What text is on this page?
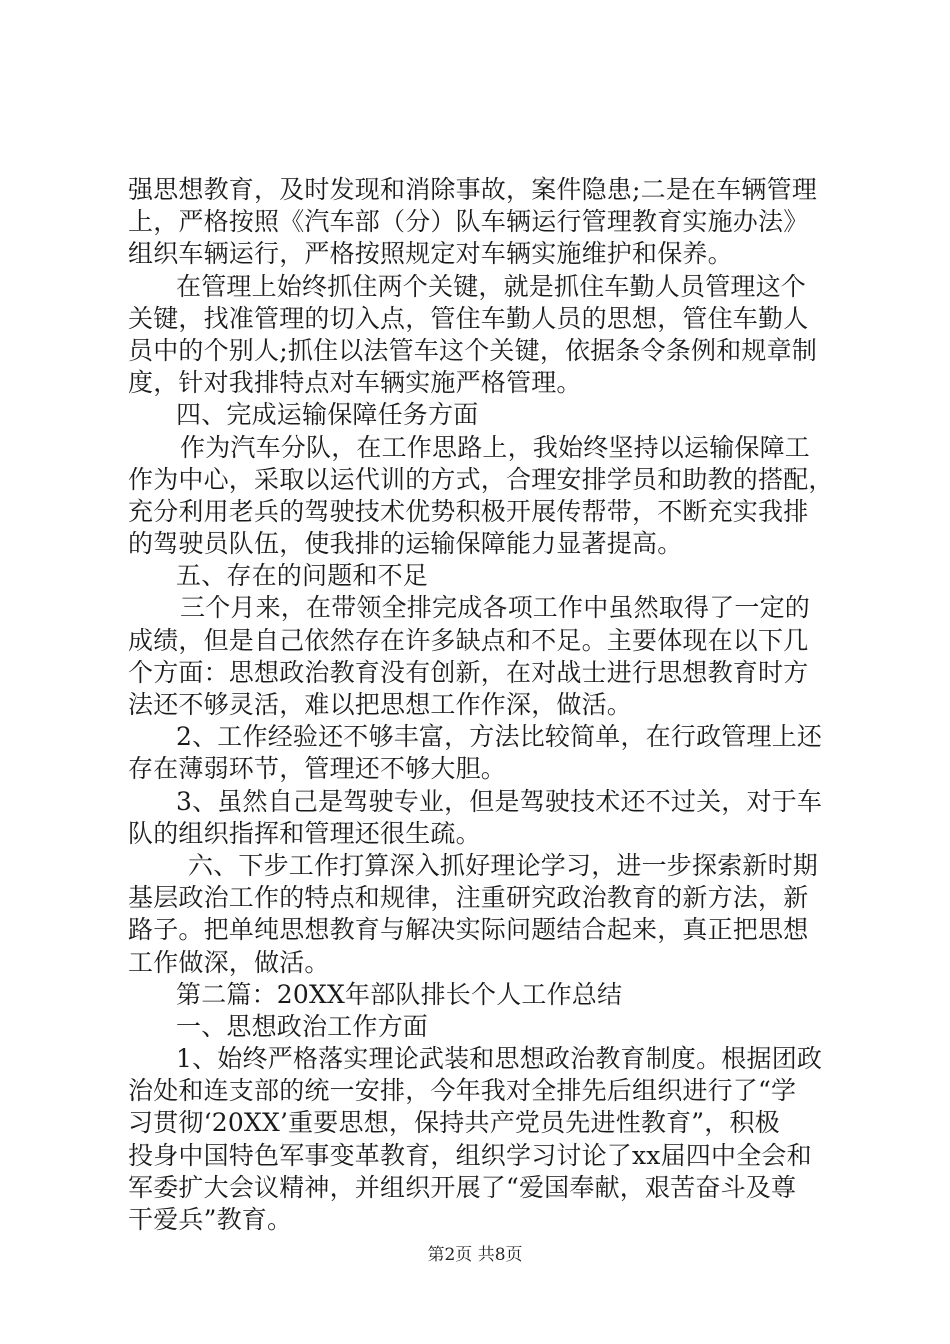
强思想教育，及时发现和消除事故，案件隐患;二是在车辆管理
上，严格按照《汽车部（分）队车辆运行管理教育实施办法》
组织车辆运行，严格按照规定对车辆实施维护和保养。
在管理上始终抓住两个关键，就是抓住车勤人员管理这个
关键，找准管理的切入点，管住车勤人员的思想，管住车勤人
员中的个别人;抓住以法管车这个关键，依据条令条例和规章制
度，针对我排特点对车辆实施严格管理。
四、完成运输保障任务方面
作为汽车分队，在工作思路上，我始终坚持以运输保障工
作为中心，采取以运代训的方式，合理安排学员和助教的搭配，
充分利用老兵的驾驶技术优势积极开展传帮带，不断充实我排
的驾驶员队伍，使我排的运输保障能力显著提高。
五、存在的问题和不足
三个月来，在带领全排完成各项工作中虽然取得了一定的
成绩，但是自己依然存在许多缺点和不足。主要体现在以下几
个方面：思想政治教育没有创新，在对战士进行思想教育时方
法还不够灵活，难以把思想工作作深，做活。
2、工作经验还不够丰富，方法比较简单，在行政管理上还
存在薄弱环节，管理还不够大胆。
3、虽然自己是驾驶专业，但是驾驶技术还不过关，对于车
队的组织指挥和管理还很生疏。
六、下步工作打算深入抓好理论学习，进一步探索新时期
基层政治工作的特点和规律，注重研究政治教育的新方法，新
路子。把单纯思想教育与解决实际问题结合起来，真正把思想
工作做深，做活。
第二篇：20XX年部队排长个人工作总结
一、思想政治工作方面
1、始终严格落实理论武装和思想政治教育制度。根据团政
治处和连支部的统一安排，今年我对全排先后组织进行了“学
习贯彻‘20XX’重要思想，保持共产党员先进性教育”，积极
投身中国特色军事变革教育，组织学习讨论了xx届四中全会和
军委扩大会议精神，并组织开展了“爱国奉献，艰苦奋斗及尊
干爱兵”教育。
第2页 共8页
